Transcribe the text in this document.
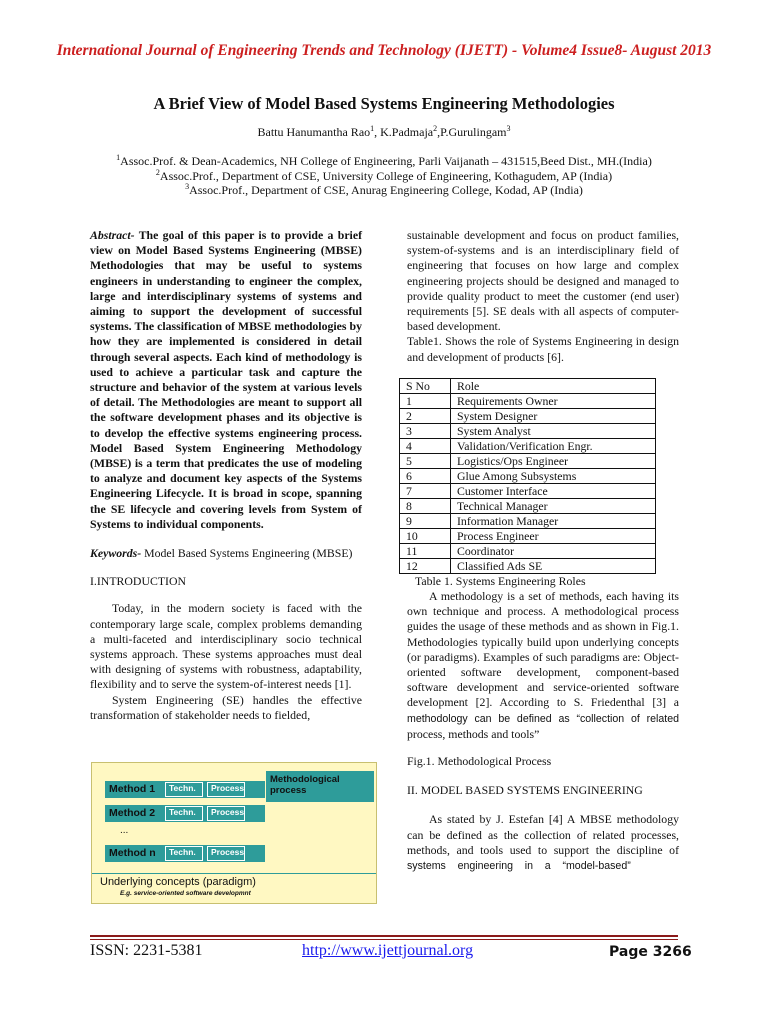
International Journal of Engineering Trends and Technology (IJETT) - Volume4 Issue8- August 2013
A Brief View of Model Based Systems Engineering Methodologies
Battu Hanumantha Rao$^1$, K.Padmaja$^2$,P.Gurulingam$^3$
$^1$Assoc.Prof. & Dean-Academics, NH College of Engineering, Parli Vaijanath – 431515,Beed Dist., MH.(India)
$^2$Assoc.Prof., Department of CSE, University College of Engineering, Kothagudem, AP (India)
$^3$Assoc.Prof., Department of CSE, Anurag Engineering College, Kodad, AP (India)

Abstract- The goal of this paper is to provide a brief view on Model Based Systems Engineering (MBSE) Methodologies that may be useful to systems engineers in understanding to engineer the complex, large and interdisciplinary systems of systems and aiming to support the development of successful systems. The classification of MBSE methodologies by how they are implemented is considered in detail through several aspects. Each kind of methodology is used to achieve a particular task and capture the structure and behavior of the system at various levels of detail. The Methodologies are meant to support all the software development phases and its objective is to develop the effective systems engineering process. Model Based System Engineering Methodology (MBSE) is a term that predicates the use of modeling to analyze and document key aspects of the Systems Engineering Lifecycle. It is broad in scope, spanning the SE lifecycle and covering levels from System of Systems to individual components.

Keywords- Model Based Systems Engineering (MBSE)

I.INTRODUCTION

Today, in the modern society is faced with the contemporary large scale, complex problems demanding a multi-faceted and interdisciplinary socio technical systems approach. These systems approaches must deal with designing of systems with robustness, adaptability, flexibility and to serve the system-of-interest needs [1].

System Engineering (SE) handles the effective transformation of stakeholder needs to fielded,

Method 1	Techn.	Process
Method 2	Techn.	Process
...
Method n	Techn.	Process
Methodological process
Underlying concepts (paradigm)
E.g. service-oriented software developmnt

sustainable development and focus on product families, system-of-systems and is an interdisciplinary field of engineering that focuses on how large and complex engineering projects should be designed and managed to provide quality product to meet the customer (end user) requirements [5]. SE deals with all aspects of computer-based development.

Table1. Shows the role of Systems Engineering in design and development of products [6].

S No	Role
1	Requirements Owner
2	System Designer
3	System Analyst
4	Validation/Verification Engr.
5	Logistics/Ops Engineer
6	Glue Among Subsystems
7	Customer Interface
8	Technical Manager
9	Information Manager
10	Process Engineer
11	Coordinator
12	Classified Ads SE

Table 1. Systems Engineering Roles

A methodology is a set of methods, each having its own technique and process. A methodological process guides the usage of these methods and as shown in Fig.1. Methodologies typically build upon underlying concepts (or paradigms). Examples of such paradigms are: Object-oriented software development, component-based software development and service-oriented software development [2]. According to S. Friedenthal [3] a methodology can be defined as “collection of related process, methods and tools”

Fig.1. Methodological Process

II. MODEL BASED SYSTEMS ENGINEERING

As stated by J. Estefan [4] A MBSE methodology can be defined as the collection of related processes, methods, and tools used to support the discipline of systems    engineering    in    a    “model-based”

ISSN: 2231-5381	http://www.ijettjournal.org	Page 3266
